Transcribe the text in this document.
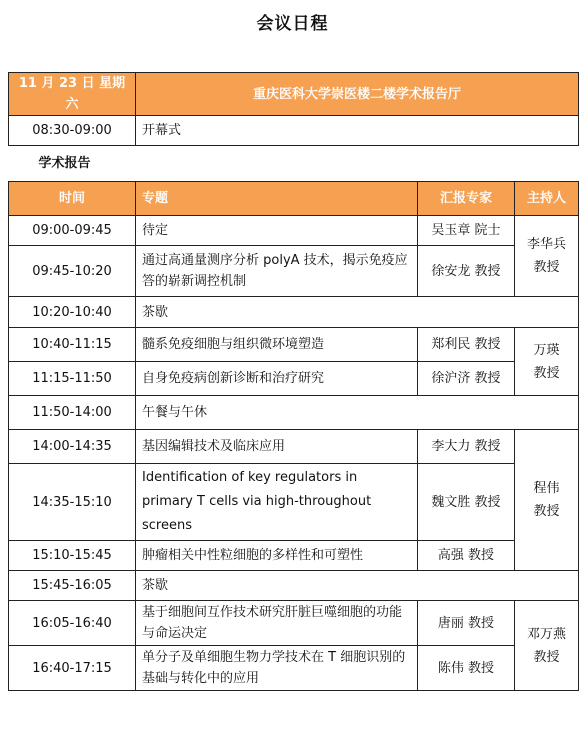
会议日程
11 月 23 日 星期六	重庆医科大学崇医楼二楼学术报告厅		
08:30-09:00	开幕式		
学术报告			
时间	专题	汇报专家	主持人
09:00-09:45	待定	吴玉章 院士	李华兵
教授
09:45-10:20	通过高通量测序分析 polyA 技术，揭示免疫应答的崭新调控机制	徐安龙 教授	
10:20-10:40	茶歇		
10:40-11:15	髓系免疫细胞与组织微环境塑造	郑利民 教授	万瑛
教授
11:15-11:50	自身免疫病创新诊断和治疗研究	徐沪济 教授	
11:50-14:00	午餐与午休		
14:00-14:35	基因编辑技术及临床应用	李大力 教授	程伟
教授
14:35-15:10	Identification of key regulators in primary T cells via high-throughout screens	魏文胜 教授	
15:10-15:45	肿瘤相关中性粒细胞的多样性和可塑性	高强 教授	
15:45-16:05	茶歇		
16:05-16:40	基于细胞间互作技术研究肝脏巨噬细胞的功能与命运决定	唐丽 教授	邓万燕
教授
16:40-17:15	单分子及单细胞生物力学技术在 T 细胞识别的基础与转化中的应用	陈伟 教授	
